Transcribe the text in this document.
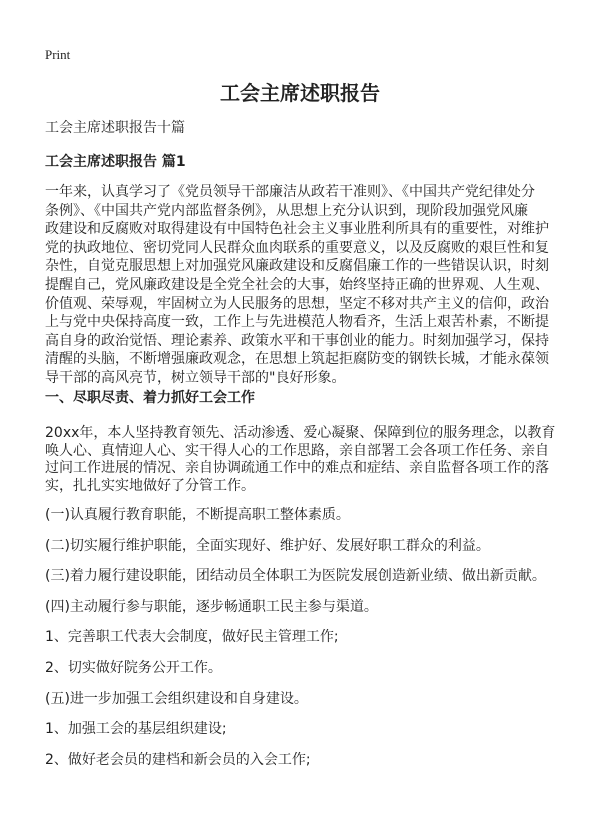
Print
工会主席述职报告
工会主席述职报告十篇
工会主席述职报告 篇1
一年来，认真学习了《党员领导干部廉洁从政若干准则》、《中国共产党纪律处分
条例》、《中国共产党内部监督条例》，从思想上充分认识到，现阶段加强党风廉
政建设和反腐败对取得建设有中国特色社会主义事业胜利所具有的重要性，对维护
党的执政地位、密切党同人民群众血肉联系的重要意义，以及反腐败的艰巨性和复
杂性，自觉克服思想上对加强党风廉政建设和反腐倡廉工作的一些错误认识，时刻
提醒自己，党风廉政建设是全党全社会的大事，始终坚持正确的世界观、人生观、
价值观、荣辱观，牢固树立为人民服务的思想，坚定不移对共产主义的信仰，政治
上与党中央保持高度一致，工作上与先进模范人物看齐，生活上艰苦朴素，不断提
高自身的政治觉悟、理论素养、政策水平和干事创业的能力。时刻加强学习，保持
清醒的头脑，不断增强廉政观念，在思想上筑起拒腐防变的钢铁长城，才能永葆领
导干部的高风亮节，树立领导干部的"良好形象。
一、尽职尽责、着力抓好工会工作
20xx年，本人坚持教育领先、活动渗透、爱心凝聚、保障到位的服务理念，以教育
唤人心、真情迎人心、实干得人心的工作思路，亲自部署工会各项工作任务、亲自
过问工作进展的情况、亲自协调疏通工作中的难点和症结、亲自监督各项工作的落
实，扎扎实实地做好了分管工作。
(一)认真履行教育职能，不断提高职工整体素质。
(二)切实履行维护职能，全面实现好、维护好、发展好职工群众的利益。
(三)着力履行建设职能，团结动员全体职工为医院发展创造新业绩、做出新贡献。
(四)主动履行参与职能，逐步畅通职工民主参与渠道。
1、完善职工代表大会制度，做好民主管理工作;
2、切实做好院务公开工作。
(五)进一步加强工会组织建设和自身建设。
1、加强工会的基层组织建设;
2、做好老会员的建档和新会员的入会工作;
